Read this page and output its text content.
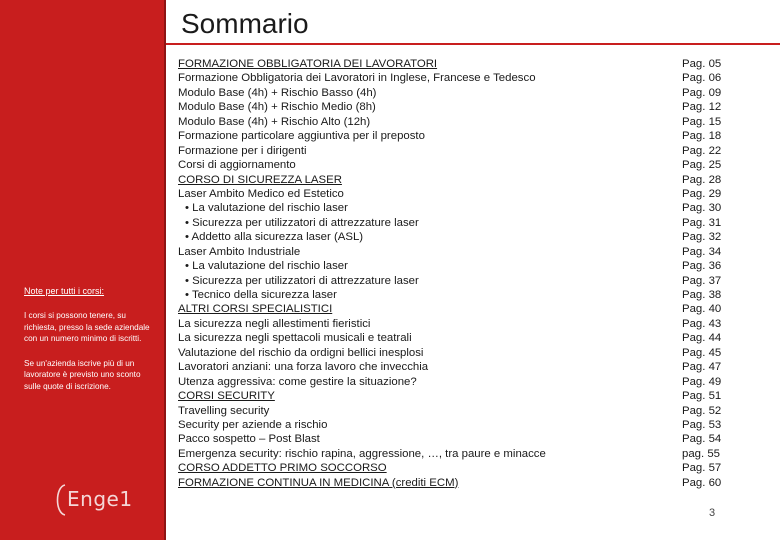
Sommario
Note per tutti i corsi:

I corsi si possono tenere, su richiesta, presso la sede aziendale con un numero minimo di iscritti.

Se un'azienda iscrive più di un lavoratore è previsto uno sconto sulle quote di iscrizione.

Enge1
FORMAZIONE OBBLIGATORIA DEI LAVORATORI
Formazione Obbligatoria dei Lavoratori in Inglese, Francese e Tedesco
Modulo Base (4h) + Rischio Basso (4h)
Modulo Base (4h) + Rischio Medio (8h)
Modulo Base (4h) + Rischio Alto (12h)
Formazione particolare aggiuntiva per il preposto
Formazione per i dirigenti
Corsi di aggiornamento
CORSO DI SICUREZZA LASER
Laser Ambito Medico ed Estetico
• La valutazione del rischio laser
• Sicurezza per utilizzatori di attrezzature laser
• Addetto alla sicurezza laser (ASL)
Laser Ambito Industriale
• La valutazione del rischio laser
• Sicurezza per utilizzatori di attrezzature laser
• Tecnico della sicurezza laser
ALTRI CORSI SPECIALISTICI
La sicurezza negli allestimenti fieristici
La sicurezza negli spettacoli musicali e teatrali
Valutazione del rischio da ordigni bellici inesplosi
Lavoratori anziani: una forza lavoro che invecchia
Utenza aggressiva: come gestire la situazione?
CORSI SECURITY
Travelling security
Security per aziende a rischio
Pacco sospetto – Post Blast
Emergenza security: rischio rapina, aggressione, …, tra paure e minacce
CORSO ADDETTO PRIMO SOCCORSO
FORMAZIONE CONTINUA IN MEDICINA (crediti ECM)
Pag. 05
Pag. 06
Pag. 09
Pag. 12
Pag. 15
Pag. 18
Pag. 22
Pag. 25
Pag. 28
Pag. 29
Pag. 30
Pag. 31
Pag. 32
Pag. 34
Pag. 36
Pag. 37
Pag. 38
Pag. 40
Pag. 43
Pag. 44
Pag. 45
Pag. 47
Pag. 49
Pag. 51
Pag. 52
Pag. 53
Pag. 54
pag. 55
Pag. 57
Pag. 60
3
